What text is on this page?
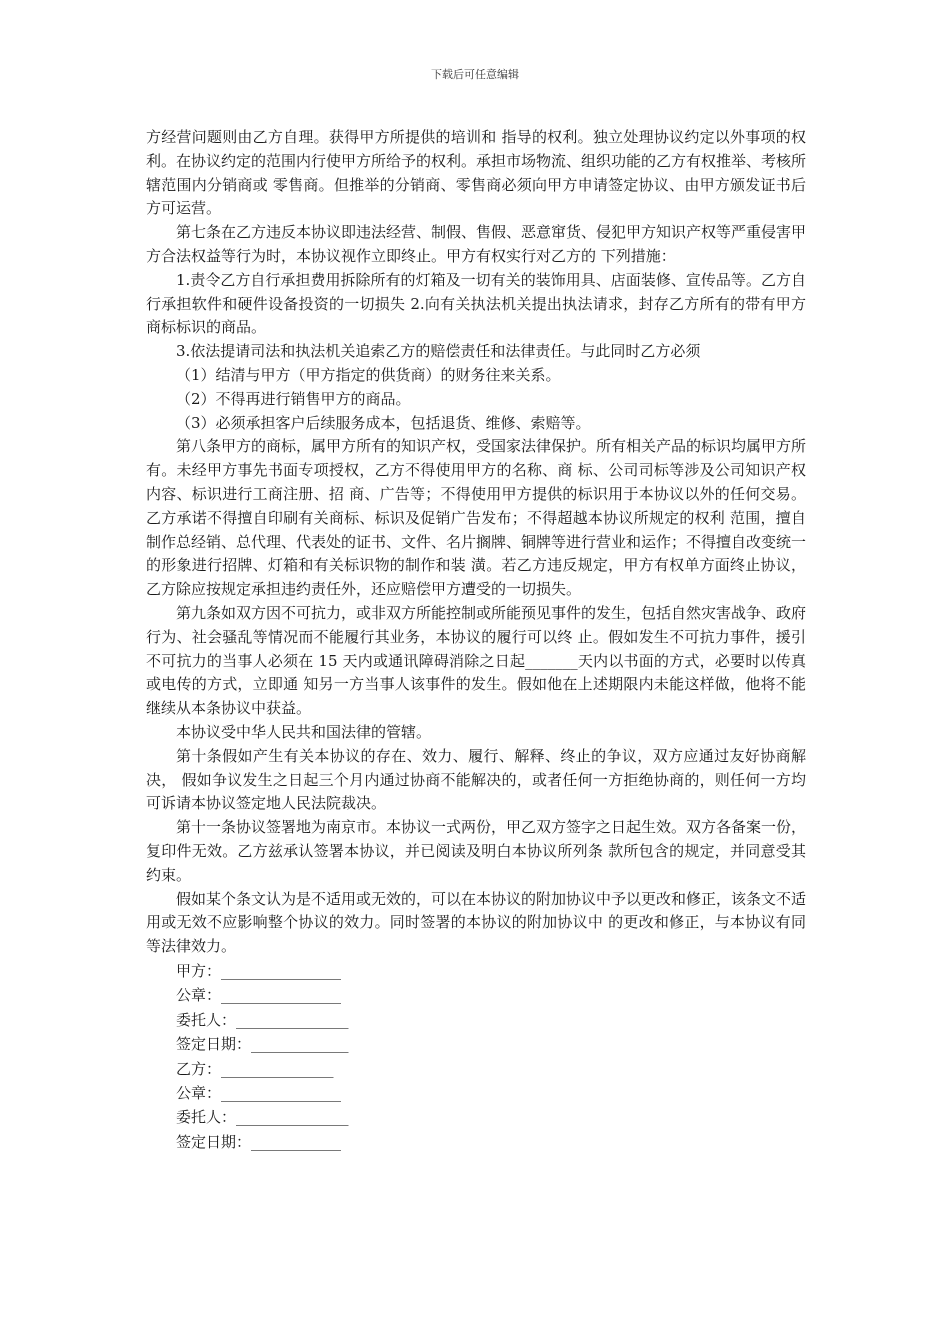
下载后可任意编辑

方经营问题则由乙方自理。获得甲方所提供的培训和 指导的权利。独立处理协议约定以外事项的权利。在协议约定的范围内行使甲方所给予的权利。承担市场物流、组织功能的乙方有权推举、考核所辖范围内分销商或 零售商。但推举的分销商、零售商必须向甲方申请签定协议、由甲方颁发证书后方可运营。

第七条在乙方违反本协议即违法经营、制假、售假、恶意窜货、侵犯甲方知识产权等严重侵害甲方合法权益等行为时，本协议视作立即终止。甲方有权实行对乙方的 下列措施：

1.责令乙方自行承担费用拆除所有的灯箱及一切有关的装饰用具、店面装修、宣传品等。乙方自行承担软件和硬件设备投资的一切损失 2.向有关执法机关提出执法请求，封存乙方所有的带有甲方商标标识的商品。

3.依法提请司法和执法机关追索乙方的赔偿责任和法律责任。与此同时乙方必须

（1）结清与甲方（甲方指定的供货商）的财务往来关系。

（2）不得再进行销售甲方的商品。

（3）必须承担客户后续服务成本，包括退货、维修、索赔等。

第八条甲方的商标，属甲方所有的知识产权，受国家法律保护。所有相关产品的标识均属甲方所有。未经甲方事先书面专项授权，乙方不得使用甲方的名称、商 标、公司司标等涉及公司知识产权内容、标识进行工商注册、招 商、广告等；不得使用甲方提供的标识用于本协议以外的任何交易。乙方承诺不得擅自印刷有关商标、标识及促销广告发布；不得超越本协议所规定的权利 范围，擅自制作总经销、总代理、代表处的证书、文件、名片搁牌、铜牌等进行营业和运作；不得擅自改变统一的形象进行招牌、灯箱和有关标识物的制作和装 潢。若乙方违反规定，甲方有权单方面终止协议，乙方除应按规定承担违约责任外，还应赔偿甲方遭受的一切损失。

第九条如双方因不可抗力，或非双方所能控制或所能预见事件的发生，包括自然灾害战争、政府行为、社会骚乱等情况而不能履行其业务，本协议的履行可以终 止。假如发生不可抗力事件，援引不可抗力的当事人必须在 15 天内或通讯障碍消除之日起_______天内以书面的方式，必要时以传真或电传的方式，立即通 知另一方当事人该事件的发生。假如他在上述期限内未能这样做，他将不能继续从本条协议中获益。

本协议受中华人民共和国法律的管辖。

第十条假如产生有关本协议的存在、效力、履行、解释、终止的争议，双方应通过友好协商解决， 假如争议发生之日起三个月内通过协商不能解决的，或者任何一方拒绝协商的，则任何一方均可诉请本协议签定地人民法院裁决。

第十一条协议签署地为南京市。本协议一式两份，甲乙双方签字之日起生效。双方各备案一份，复印件无效。乙方兹承认签署本协议，并已阅读及明白本协议所列条 款所包含的规定，并同意受其约束。

假如某个条文认为是不适用或无效的，可以在本协议的附加协议中予以更改和修正，该条文不适用或无效不应影响整个协议的效力。同时签署的本协议的附加协议中 的更改和修正，与本协议有同等法律效力。

甲方：________________

公章：________________

委托人：_______________

签定日期：_____________

乙方：_______________

公章：________________

委托人：_______________

签定日期：____________
